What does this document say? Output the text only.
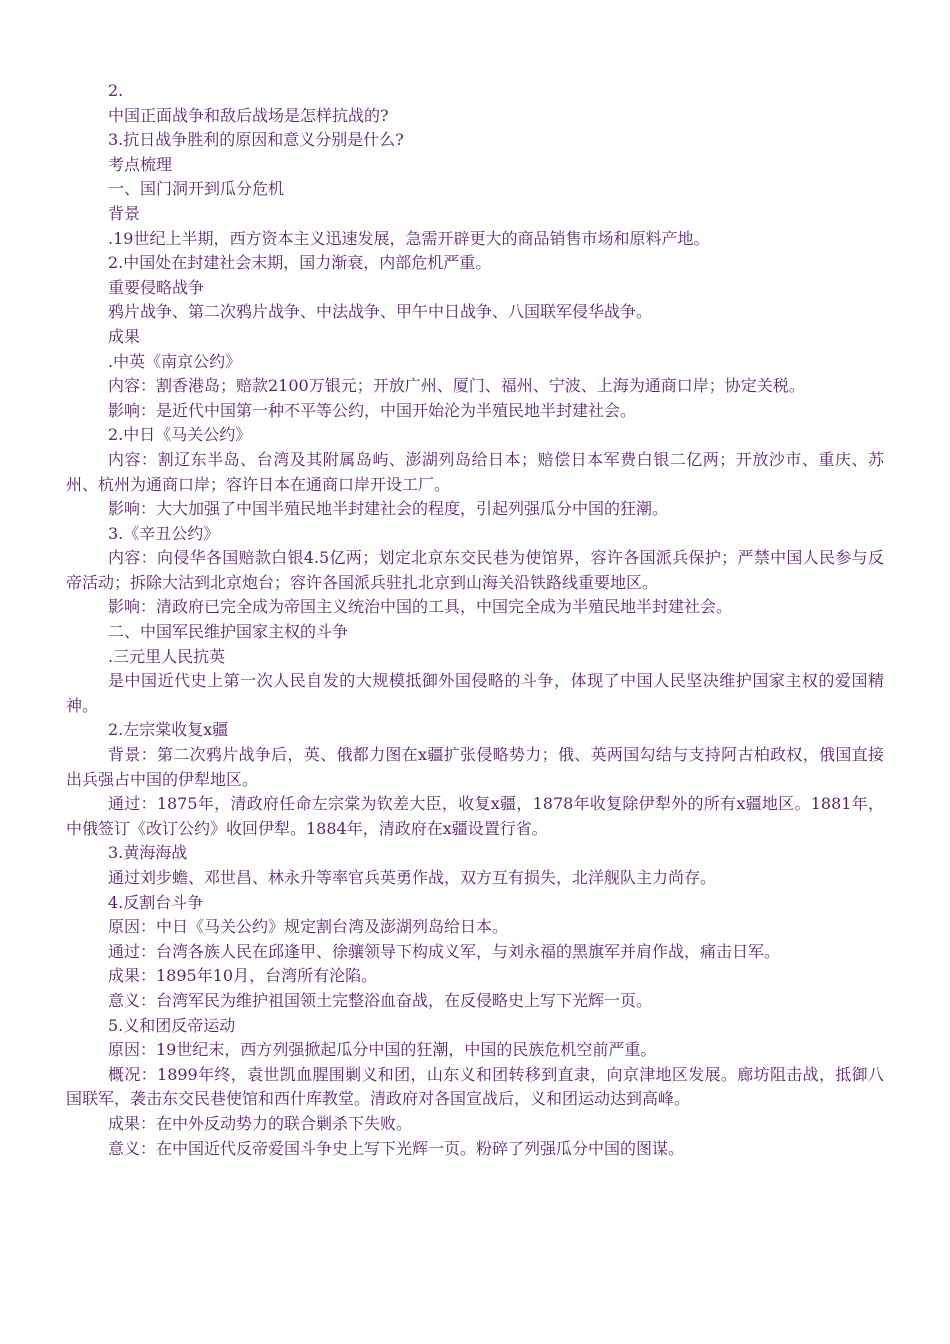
2.

中国正面战争和敌后战场是怎样抗战的?

3.抗日战争胜利的原因和意义分别是什么?

考点梳理

一、国门洞开到瓜分危机

背景

.19世纪上半期，西方资本主义迅速发展，急需开辟更大的商品销售市场和原料产地。

2.中国处在封建社会末期，国力渐衰，内部危机严重。

重要侵略战争

鸦片战争、第二次鸦片战争、中法战争、甲午中日战争、八国联军侵华战争。

成果

.中英《南京公约》

内容：割香港岛；赔款2100万银元；开放广州、厦门、福州、宁波、上海为通商口岸；协定关税。

影响：是近代中国第一种不平等公约，中国开始沦为半殖民地半封建社会。

2.中日《马关公约》

内容：割辽东半岛、台湾及其附属岛屿、澎湖列岛给日本；赔偿日本军费白银二亿两；开放沙市、重庆、苏州、杭州为通商口岸；容许日本在通商口岸开设工厂。

影响：大大加强了中国半殖民地半封建社会的程度，引起列强瓜分中国的狂潮。

3.《辛丑公约》

内容：向侵华各国赔款白银4.5亿两；划定北京东交民巷为使馆界，容许各国派兵保护；严禁中国人民参与反帝活动；拆除大沽到北京炮台；容许各国派兵驻扎北京到山海关沿铁路线重要地区。

影响：清政府已完全成为帝国主义统治中国的工具，中国完全成为半殖民地半封建社会。

二、中国军民维护国家主权的斗争

.三元里人民抗英

是中国近代史上第一次人民自发的大规模抵御外国侵略的斗争，体现了中国人民坚决维护国家主权的爱国精神。

2.左宗棠收复x疆

背景：第二次鸦片战争后，英、俄都力图在x疆扩张侵略势力；俄、英两国勾结与支持阿古柏政权，俄国直接出兵强占中国的伊犁地区。

通过：1875年，清政府任命左宗棠为钦差大臣，收复x疆，1878年收复除伊犁外的所有x疆地区。1881年，中俄签订《改订公约》收回伊犁。1884年，清政府在x疆设置行省。

3.黄海海战

通过刘步蟾、邓世昌、林永升等率官兵英勇作战，双方互有损失，北洋舰队主力尚存。

4.反割台斗争

原因：中日《马关公约》规定割台湾及澎湖列岛给日本。

通过：台湾各族人民在邱逢甲、徐骧领导下构成义军，与刘永福的黑旗军并肩作战，痛击日军。

成果：1895年10月，台湾所有沦陷。

意义：台湾军民为维护祖国领土完整浴血奋战，在反侵略史上写下光辉一页。

5.义和团反帝运动

原因：19世纪末，西方列强掀起瓜分中国的狂潮，中国的民族危机空前严重。

概况：1899年终，袁世凯血腥围剿义和团，山东义和团转移到直隶，向京津地区发展。廊坊阻击战，抵御八国联军，袭击东交民巷使馆和西什库教堂。清政府对各国宣战后，义和团运动达到高峰。

成果：在中外反动势力的联合剿杀下失败。

意义：在中国近代反帝爱国斗争史上写下光辉一页。粉碎了列强瓜分中国的图谋。
